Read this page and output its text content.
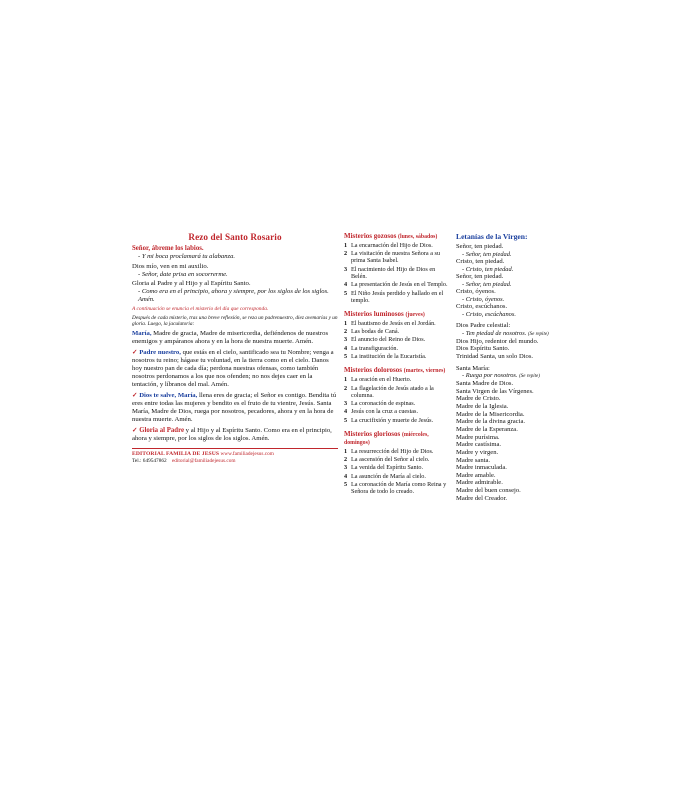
Rezo del Santo Rosario

Señor, ábreme los labios.
- Y mi boca proclamará tu alabanza.

Dios mío, ven en mi auxilio.
- Señor, date prisa en socorrerme.

Gloria al Padre y al Hijo y al Espíritu Santo.
- Como era en el principio, ahora y siempre, por los siglos de los siglos. Amén.

A continuación se enuncia el misterio del día que corresponda.

Después de cada misterio, tras una breve reflexión, se reza un padrenuestro, diez avemarías y un gloria. Luego, la jaculatoria:

María, Madre de gracia, Madre de misericordia, defiéndenos de nuestros enemigos y ampáranos ahora y en la hora de nuestra muerte. Amén.

✓ Padre nuestro, que estás en el cielo, santificado sea tu Nombre; venga a nosotros tu reino; hágase tu voluntad, en la tierra como en el cielo. Danos hoy nuestro pan de cada día; perdona nuestras ofensas, como también nosotros perdonamos a los que nos ofenden; no nos dejes caer en la tentación, y líbranos del mal. Amén.

✓ Dios te salve, María, llena eres de gracia; el Señor es contigo. Bendita tú eres entre todas las mujeres y bendito es el fruto de tu vientre, Jesús. Santa María, Madre de Dios, ruega por nosotros, pecadores, ahora y en la hora de nuestra muerte. Amén.

✓ Gloria al Padre y al Hijo y al Espíritu Santo. Como era en el principio, ahora y siempre, por los siglos de los siglos. Amén.

EDITORIAL FAMILIA DE JESUS www.familiadejesus.com
Tel.: 649547862 editorial@familiadejesus.com
Misterios gozosos (lunes, sábados)
1 La encarnación del Hijo de Dios.
2 La visitación de nuestra Señora a su prima Santa Isabel.
3 El nacimiento del Hijo de Dios en Belén.
4 La presentación de Jesús en el Templo.
5 El Niño Jesús perdido y hallado en el templo.
Misterios luminosos (jueves)
1 El bautismo de Jesús en el Jordán.
2 Las bodas de Caná.
3 El anuncio del Reino de Dios.
4 La transfiguración.
5 La institución de la Eucaristía.
Misterios dolorosos (martes, viernes)
1 La oración en el Huerto.
2 La flagelación de Jesús atado a la columna.
3 La coronación de espinas.
4 Jesús con la cruz a cuestas.
5 La crucifixión y muerte de Jesús.
Misterios gloriosos (miércoles, domingos)
1 La resurrección del Hijo de Dios.
2 La ascensión del Señor al cielo.
3 La venida del Espíritu Santo.
4 La asunción de María al cielo.
5 La coronación de María como Reina y Señora de todo lo creado.
Letanías de la Virgen:
Señor, ten piedad.
- Señor, ten piedad.
Cristo, ten piedad.
- Cristo, ten piedad.
Señor, ten piedad.
- Señor, ten piedad.
Cristo, óyenos.
- Cristo, óyenos.
Cristo, escúchanos.
- Cristo, escúchanos.
Dios Padre celestial:
- Ten piedad de nosotros. (Se repite)
Dios Hijo, redentor del mundo.
Dios Espíritu Santo.
Trinidad Santa, un solo Dios.
Santa María:
- Ruega por nosotros. (Se repite)
Santa Madre de Dios.
Santa Virgen de las Vírgenes.
Madre de Cristo.
Madre de la Iglesia.
Madre de la Misericordia.
Madre de la divina gracia.
Madre de la Esperanza.
Madre purísima.
Madre castísima.
Madre y virgen.
Madre santa.
Madre inmaculada.
Madre amable.
Madre admirable.
Madre del buen consejo.
Madre del Creador.
